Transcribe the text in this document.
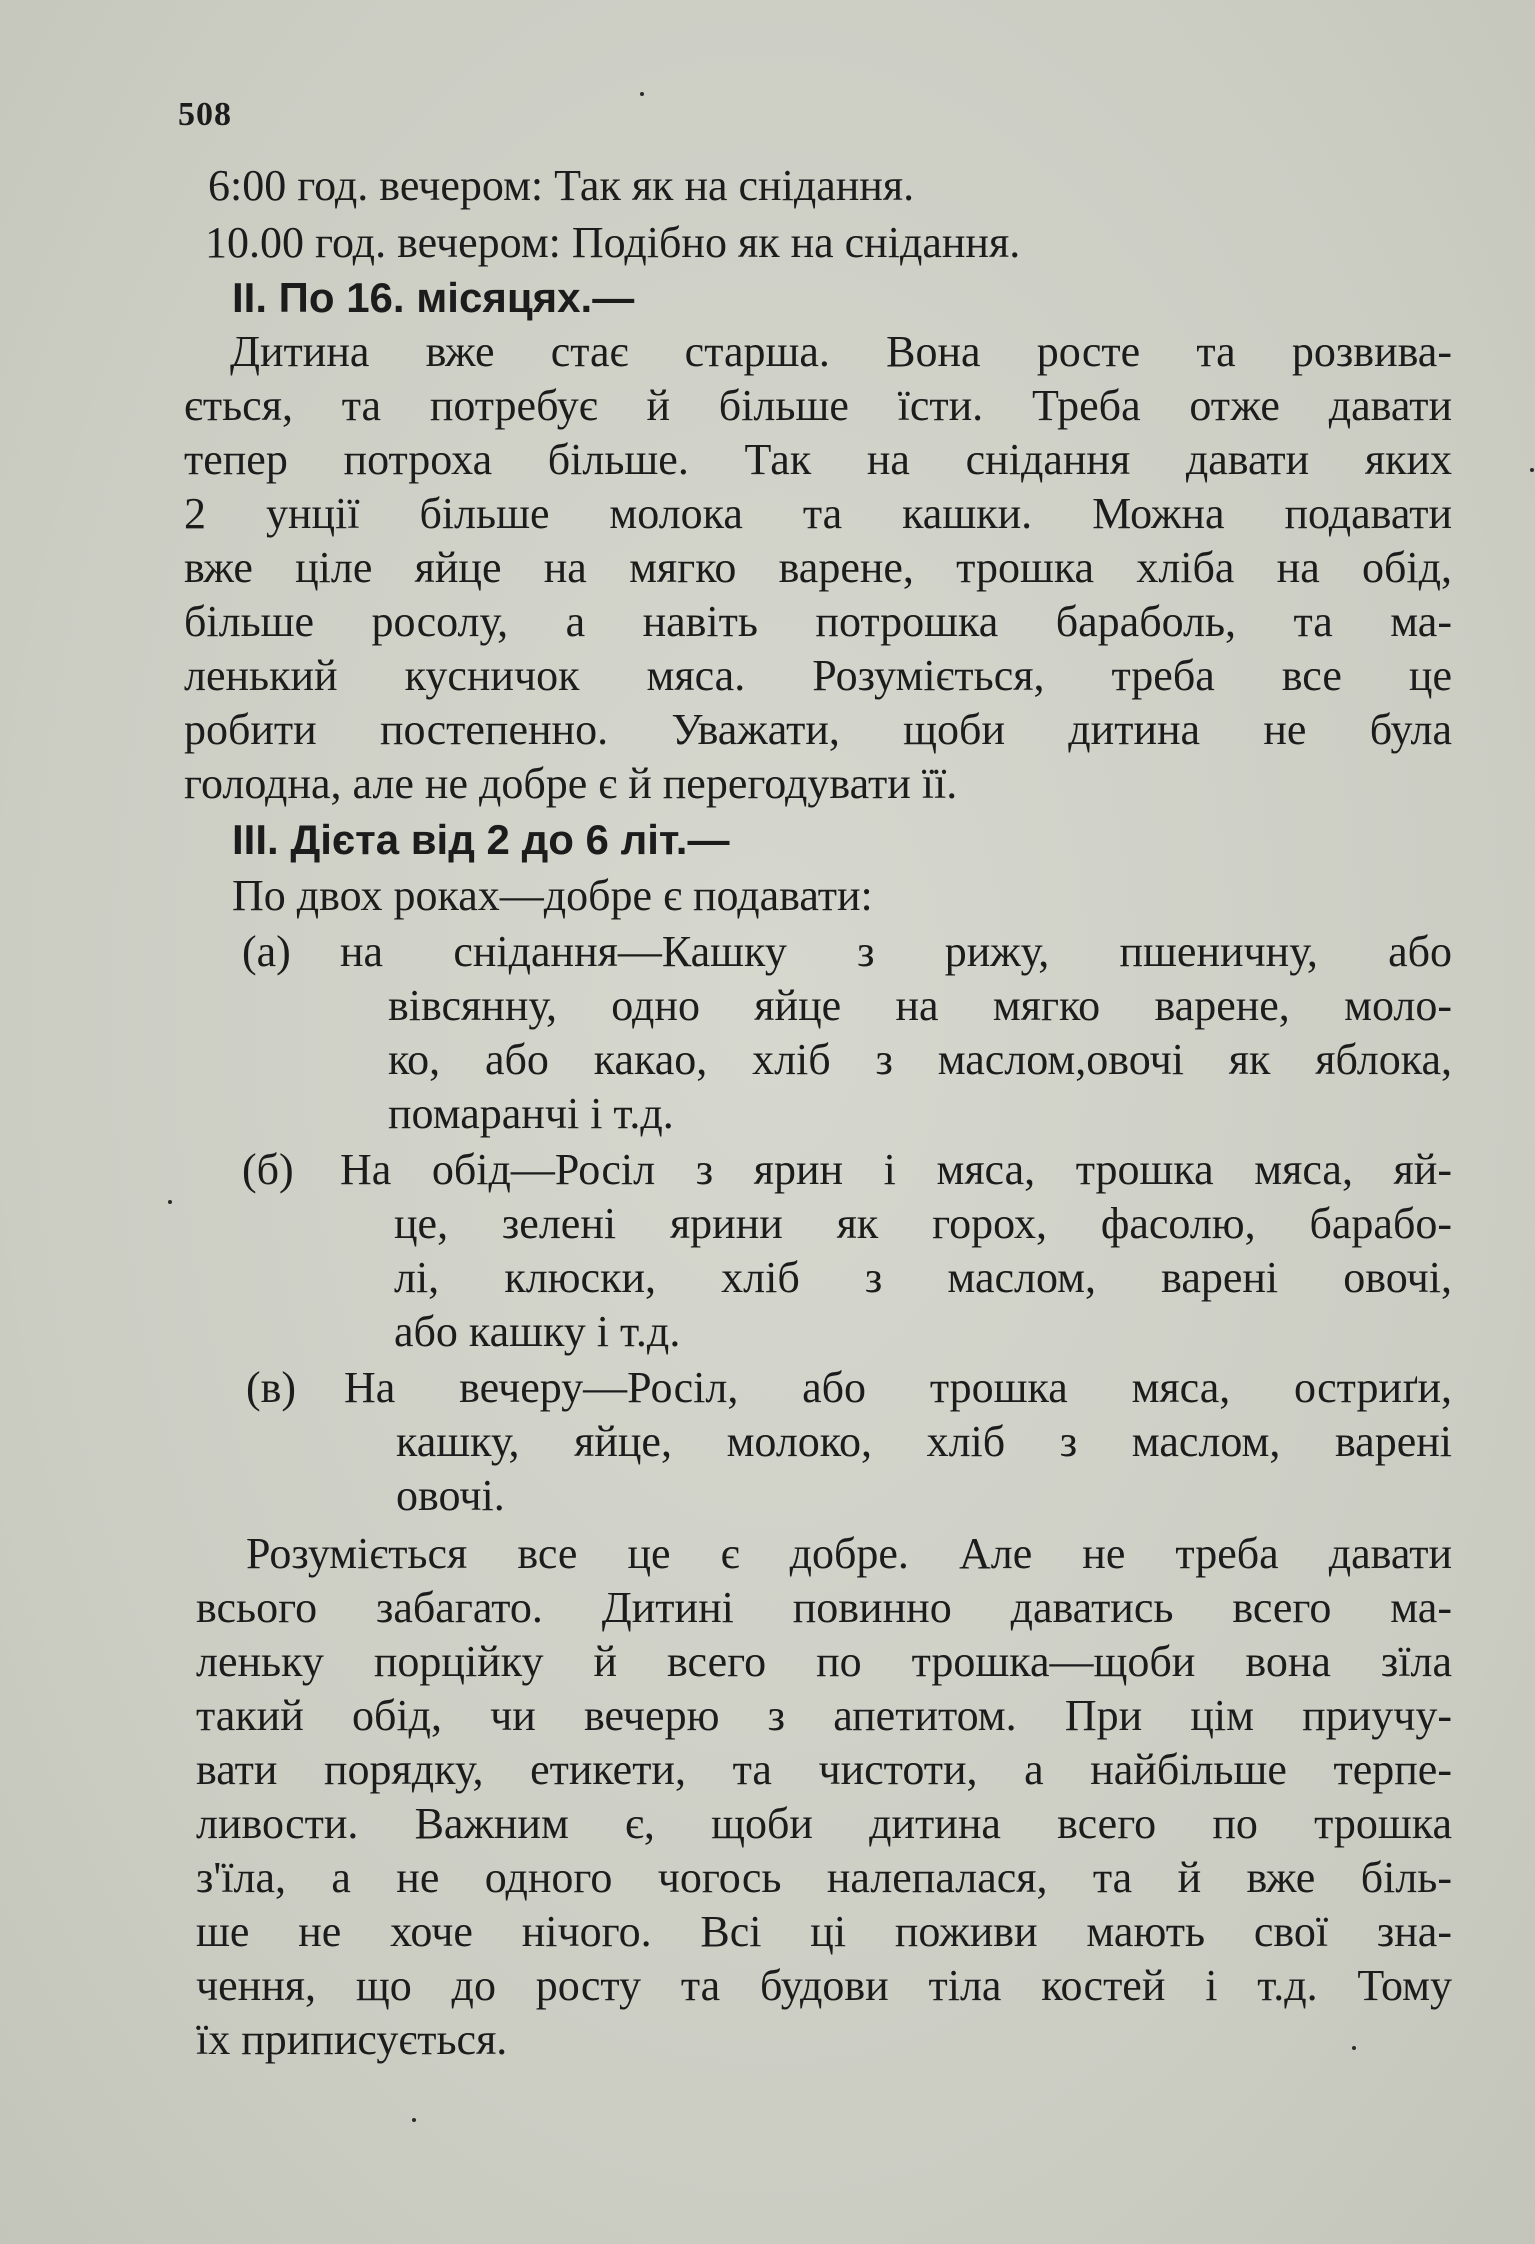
508
6:00 год. вечером: Так як на снідання.
10.00 год. вечером: Подібно як на снідання.
ІІ. По 16. місяцях.—
Дитина вже стає старша. Вона росте та розвива-
ється, та потребує й більше їсти. Треба отже давати
тепер потроха більше. Так на снідання давати яких
2 унції більше молока та кашки. Можна подавати
вже ціле яйце на мягко варене, трошка хліба на обід,
більше росолу, а навіть потрошка бараболь, та ма-
ленький кусничок мяса. Розуміється, треба все це
робити постепенно. Уважати, щоби дитина не була
голодна, але не добре є й перегодувати її.
ІІІ. Дієта від 2 до 6 літ.—
По двох роках—добре є подавати:
(а) на снідання—Кашку з рижу, пшеничну, або
вівсянну, одно яйце на мягко варене, моло-
ко, або какао, хліб з маслом,овочі як яблока,
помаранчі і т.д.
(б) На обід—Росіл з ярин і мяса, трошка мяса, яй-
це, зелені ярини як горох, фасолю, барабо-
лі, клюски, хліб з маслом, варені овочі,
або кашку і т.д.
(в) На вечеру—Росіл, або трошка мяса, остриґи,
кашку, яйце, молоко, хліб з маслом, варені
овочі.
Розуміється все це є добре. Але не треба давати
всього забагато. Дитині повинно даватись всего ма-
леньку порційку й всего по трошка—щоби вона зїла
такий обід, чи вечерю з апетитом. При цім приучу-
вати порядку, етикети, та чистоти, а найбільше терпе-
ливости. Важним є, щоби дитина всего по трошка
з'їла, а не одного чогось налепалася, та й вже біль-
ше не хоче нічого. Всі ці поживи мають свої зна-
чення, що до росту та будови тіла костей і т.д. Тому
їх приписується.
